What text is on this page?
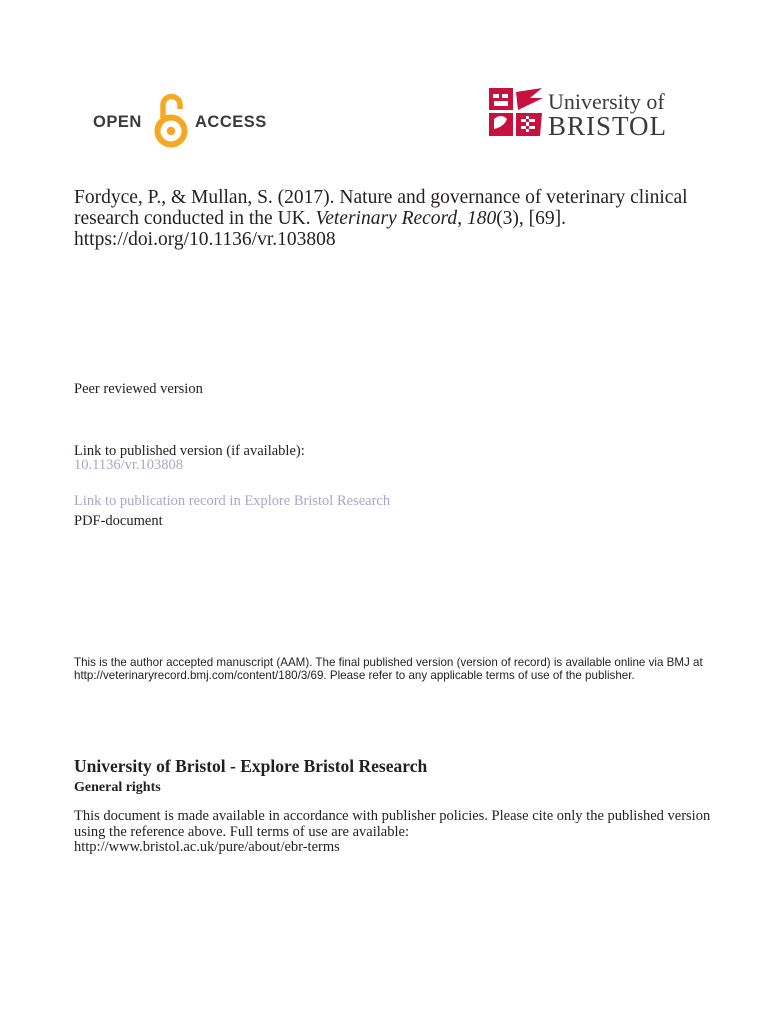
OPEN	ACCESS
University of
BRISTOL
Fordyce, P., & Mullan, S. (2017). Nature and governance of veterinary clinical research conducted in the UK. Veterinary Record, 180(3), [69]. https://doi.org/10.1136/vr.103808
Peer reviewed version
Link to published version (if available):
10.1136/vr.103808
Link to publication record in Explore Bristol Research
PDF-document
This is the author accepted manuscript (AAM). The final published version (version of record) is available online via BMJ at http://veterinaryrecord.bmj.com/content/180/3/69. Please refer to any applicable terms of use of the publisher.
University of Bristol - Explore Bristol Research
General rights
This document is made available in accordance with publisher policies. Please cite only the published version using the reference above. Full terms of use are available:
http://www.bristol.ac.uk/pure/about/ebr-terms
